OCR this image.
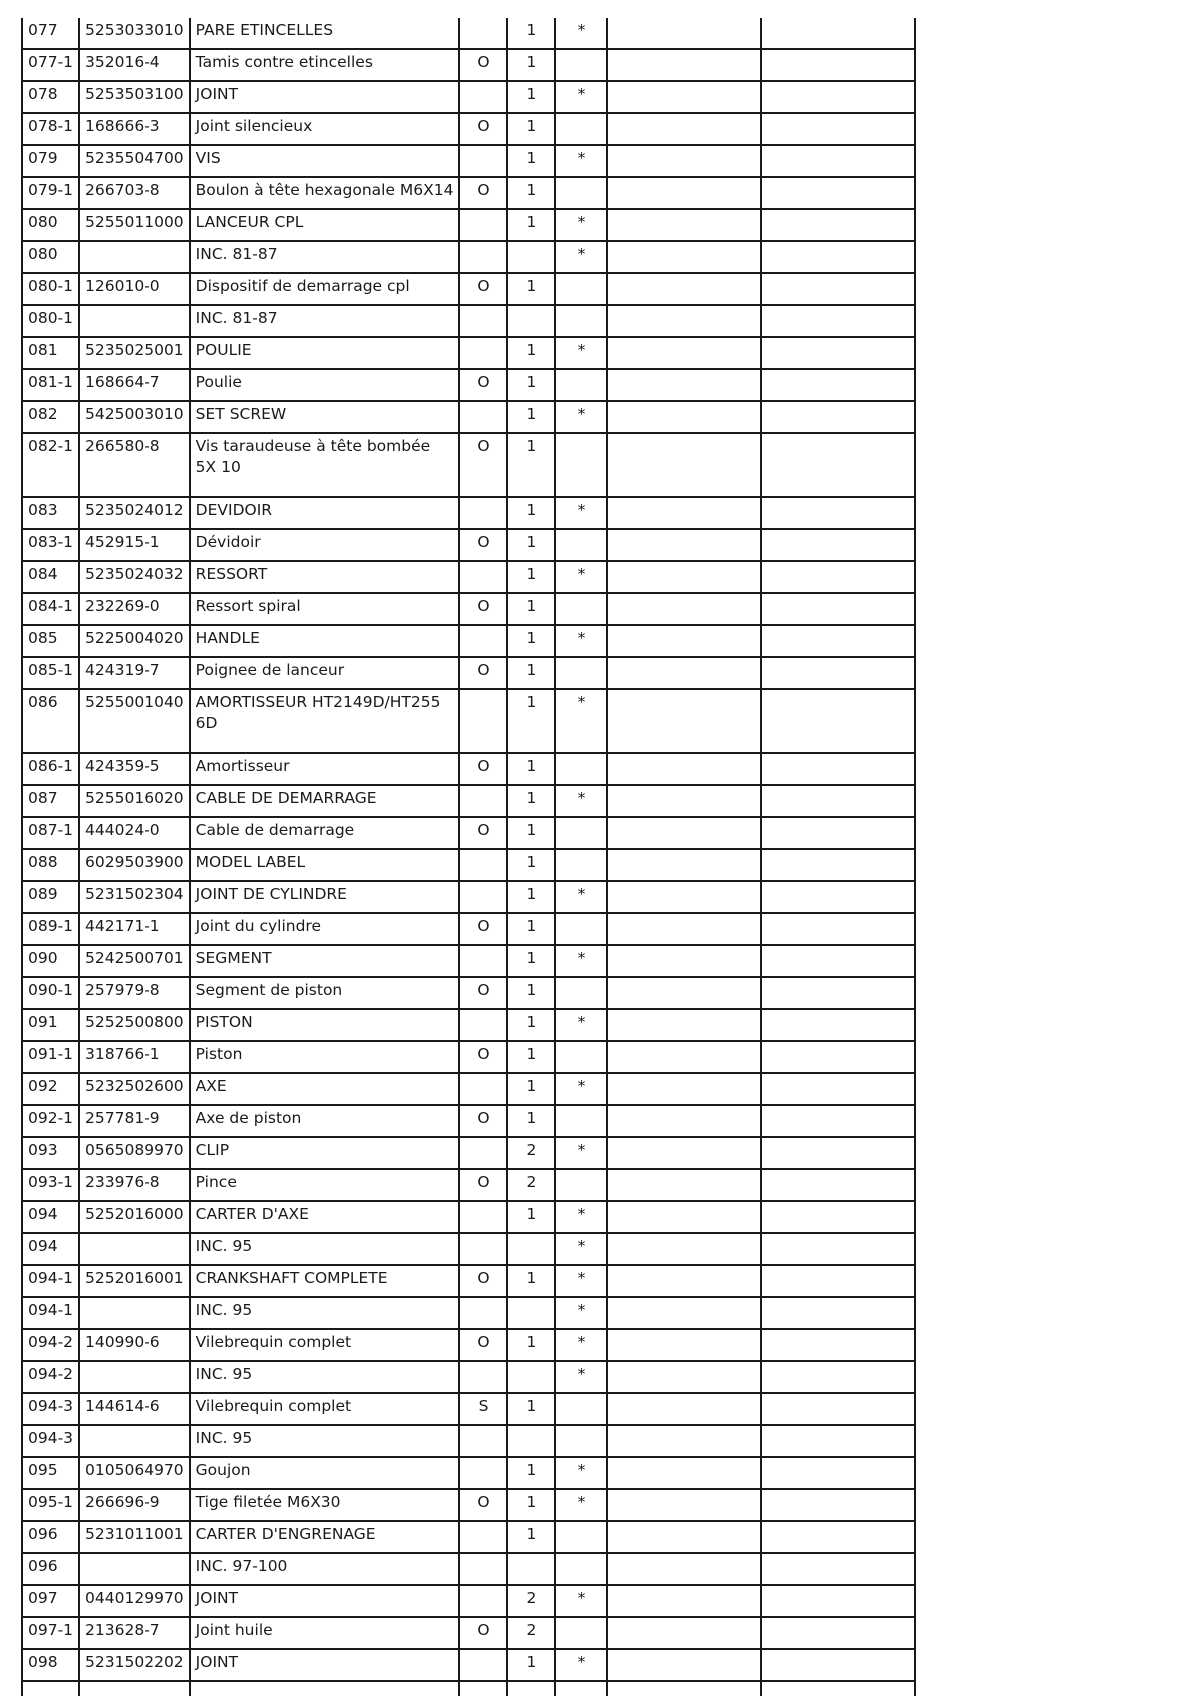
077	5253033010	PARE ETINCELLES		1	*		
077-1	352016-4	Tamis contre etincelles	O	1			
078	5253503100	JOINT		1	*		
078-1	168666-3	Joint silencieux	O	1			
079	5235504700	VIS		1	*		
079-1	266703-8	Boulon à tête hexagonale M6X14	O	1			
080	5255011000	LANCEUR CPL		1	*		
080		INC. 81-87			*		
080-1	126010-0	Dispositif de demarrage cpl	O	1			
080-1		INC. 81-87					
081	5235025001	POULIE		1	*		
081-1	168664-7	Poulie	O	1			
082	5425003010	SET SCREW		1	*		
082-1	266580-8	Vis taraudeuse à tête bombée 5X 10	O	1			
083	5235024012	DEVIDOIR		1	*		
083-1	452915-1	Dévidoir	O	1			
084	5235024032	RESSORT		1	*		
084-1	232269-0	Ressort spiral	O	1			
085	5225004020	HANDLE		1	*		
085-1	424319-7	Poignee de lanceur	O	1			
086	5255001040	AMORTISSEUR HT2149D/HT255 6D		1	*		
086-1	424359-5	Amortisseur	O	1			
087	5255016020	CABLE DE DEMARRAGE		1	*		
087-1	444024-0	Cable de demarrage	O	1			
088	6029503900	MODEL LABEL		1			
089	5231502304	JOINT DE CYLINDRE		1	*		
089-1	442171-1	Joint du cylindre	O	1			
090	5242500701	SEGMENT		1	*		
090-1	257979-8	Segment de piston	O	1			
091	5252500800	PISTON		1	*		
091-1	318766-1	Piston	O	1			
092	5232502600	AXE		1	*		
092-1	257781-9	Axe de piston	O	1			
093	0565089970	CLIP		2	*		
093-1	233976-8	Pince	O	2			
094	5252016000	CARTER D'AXE		1	*		
094		INC. 95			*		
094-1	5252016001	CRANKSHAFT COMPLETE	O	1	*		
094-1		INC. 95			*		
094-2	140990-6	Vilebrequin complet	O	1	*		
094-2		INC. 95			*		
094-3	144614-6	Vilebrequin complet	S	1			
094-3		INC. 95					
095	0105064970	Goujon		1	*		
095-1	266696-9	Tige filetée M6X30	O	1	*		
096	5231011001	CARTER D'ENGRENAGE		1			
096		INC. 97-100					
097	0440129970	JOINT		2	*		
097-1	213628-7	Joint huile	O	2			
098	5231502202	JOINT		1	*		
